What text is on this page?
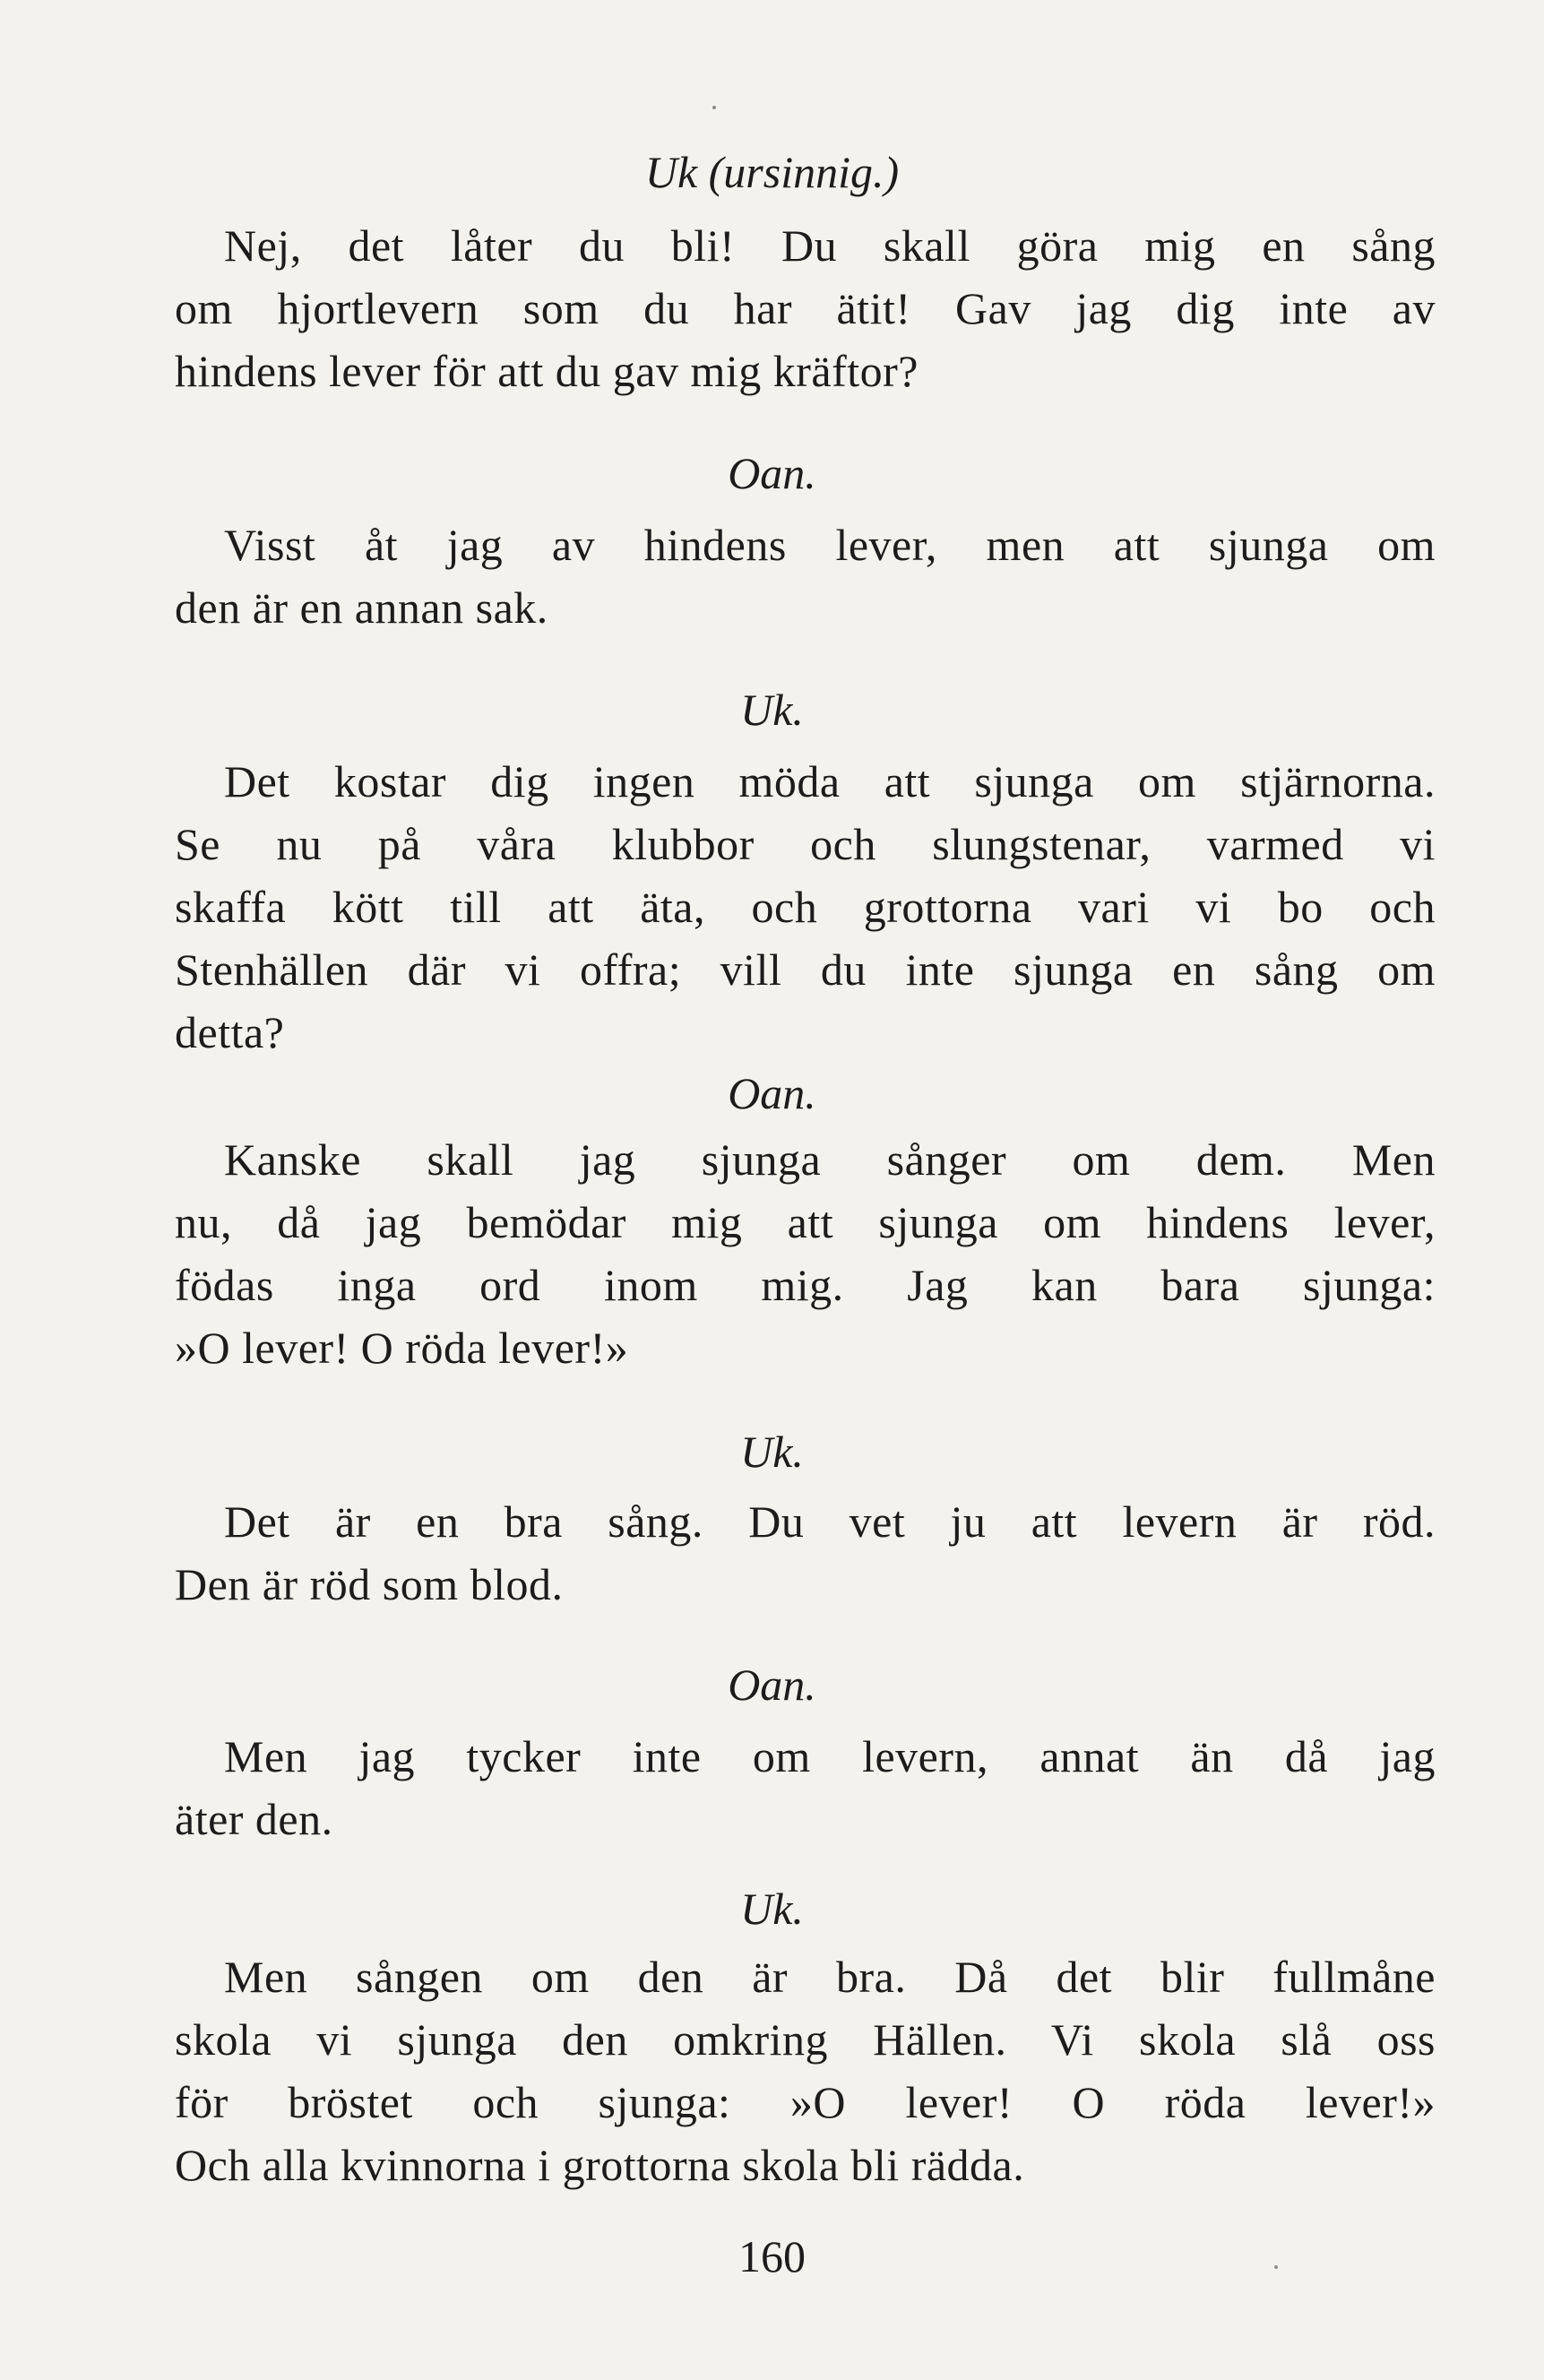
Uk (ursinnig.)
Nej, det låter du bli! Du skall göra mig en sång
om hjortlevern som du har ätit! Gav jag dig inte av
hindens lever för att du gav mig kräftor?
Oan.
Visst åt jag av hindens lever, men att sjunga om
den är en annan sak.
Uk.
Det kostar dig ingen möda att sjunga om stjärnorna.
Se nu på våra klubbor och slungstenar, varmed vi
skaffa kött till att äta, och grottorna vari vi bo och
Stenhällen där vi offra; vill du inte sjunga en sång om
detta?
Oan.
Kanske skall jag sjunga sånger om dem. Men
nu, då jag bemödar mig att sjunga om hindens lever,
födas inga ord inom mig. Jag kan bara sjunga:
»O lever! O röda lever!»
Uk.
Det är en bra sång. Du vet ju att levern är röd.
Den är röd som blod.
Oan.
Men jag tycker inte om levern, annat än då jag
äter den.
Uk.
Men sången om den är bra. Då det blir fullmåne
skola vi sjunga den omkring Hällen. Vi skola slå oss
för bröstet och sjunga: »O lever! O röda lever!»
Och alla kvinnorna i grottorna skola bli rädda.
160
